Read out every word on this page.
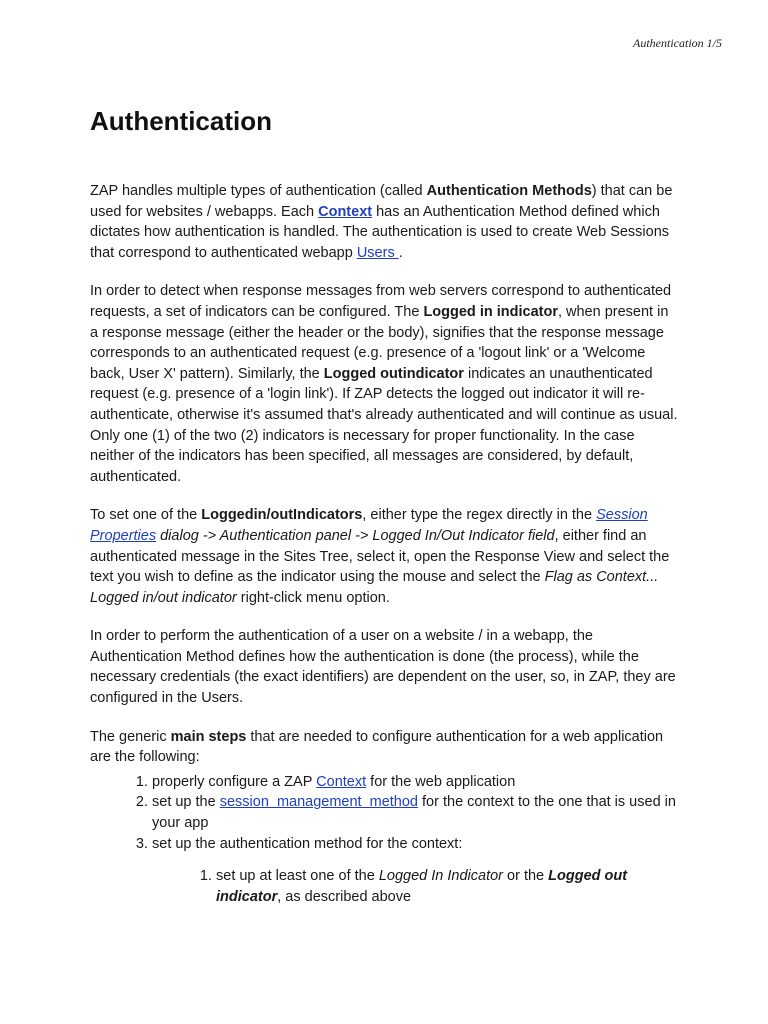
Authentication 1/5
Authentication

ZAP handles multiple types of authentication (called Authentication Methods) that can be used for websites / webapps. Each Context has an Authentication Method defined which dictates how authentication is handled. The authentication is used to create Web Sessions that correspond to authenticated webapp Users .

In order to detect when response messages from web servers correspond to authenticated requests, a set of indicators can be configured. The Logged in indicator, when present in a response message (either the header or the body), signifies that the response message corresponds to an authenticated request (e.g. presence of a 'logout link' or a 'Welcome back, User X' pattern). Similarly, the Logged outindicator indicates an unauthenticated request (e.g. presence of a 'login link'). If ZAP detects the logged out indicator it will re-authenticate, otherwise it's assumed that's already authenticated and will continue as usual. Only one (1) of the two (2) indicators is necessary for proper functionality. In the case neither of the indicators has been specified, all messages are considered, by default, authenticated.

To set one of the Loggedin/outIndicators, either type the regex directly in the Session Properties dialog -> Authentication panel -> Logged In/Out Indicator field, either find an authenticated message in the Sites Tree, select it, open the Response View and select the text you wish to define as the indicator using the mouse and select the Flag as Context... Logged in/out indicator right-click menu option.

In order to perform the authentication of a user on a website / in a webapp, the Authentication Method defines how the authentication is done (the process), while the necessary credentials (the exact identifiers) are dependent on the user, so, in ZAP, they are configured in the Users.

The generic main steps that are needed to configure authentication for a web application are the following:

1. properly configure a ZAP Context for the web application
2. set up the session  management  method for the context to the one that is used in your app
3. set up the authentication method for the context:
1. set up at least one of the Logged In Indicator or the Logged out indicator, as described above
